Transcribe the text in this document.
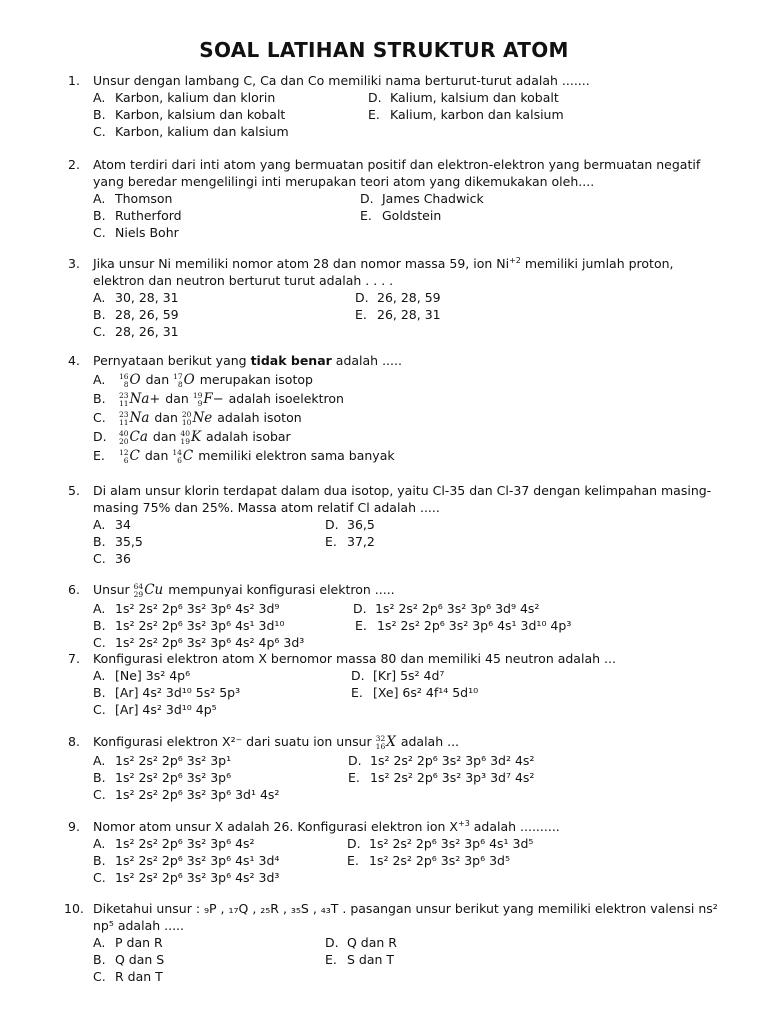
SOAL LATIHAN STRUKTUR ATOM
1. Unsur dengan lambang C, Ca dan Co memiliki nama berturut-turut adalah .......
A. Karbon, kalium dan klorin	D. Kalium, kalsium dan kobalt
B. Karbon, kalsium dan kobalt	E. Kalium, karbon dan kalsium
C. Karbon, kalium dan kalsium
2. Atom terdiri dari inti atom yang bermuatan positif dan elektron-elektron yang bermuatan negatif yang beredar mengelilingi inti merupakan teori atom yang dikemukakan oleh....
A. Thomson	D. James Chadwick
B. Rutherford	E. Goldstein
C. Niels Bohr
3. Jika unsur Ni memiliki nomor atom 28 dan nomor massa 59, ion $Ni^{+2}$ memiliki jumlah proton, elektron dan neutron berturut turut adalah . . . .
A. 30, 28, 31	D. 26, 28, 59
B. 28, 26, 59	E. 26, 28, 31
C. 28, 26, 31
4. Pernyataan berikut yang tidak benar adalah .....
A. 16
8 O dan 17
8 O merupakan isotop
B. 23
11 Na + dan 19
9 F − adalah isoelektron
C. 23
11 Na dan 20
10 Ne adalah isoton
D. 40
20 Ca dan 40
19 K adalah isobar
E. 12
6 C dan 14
6 C memiliki elektron sama banyak
5. Di alam unsur klorin terdapat dalam dua isotop, yaitu Cl-35 dan Cl-37 dengan kelimpahan masing-masing 75% dan 25%. Massa atom relatif Cl adalah .....
A. 34	D. 36,5
B. 35,5	E. 37,2
C. 36
6. Unsur 64
29 Cu mempunyai konfigurasi elektron .....
A. 1s² 2s² 2p⁶ 3s² 3p⁶ 4s² 3d⁹	D. 1s² 2s² 2p⁶ 3s² 3p⁶ 3d⁹ 4s²
B. 1s² 2s² 2p⁶ 3s² 3p⁶ 4s¹ 3d¹⁰	E. 1s² 2s² 2p⁶ 3s² 3p⁶ 4s¹ 3d¹⁰ 4p³
C. 1s² 2s² 2p⁶ 3s² 3p⁶ 4s² 4p⁶ 3d³
7. Konfigurasi elektron atom X bernomor massa 80 dan memiliki 45 neutron adalah ...
A. [Ne] 3s² 4p⁶	D. [Kr] 5s² 4d⁷
B. [Ar] 4s² 3d¹⁰ 5s² 5p³	E. [Xe] 6s² 4f¹⁴ 5d¹⁰
C. [Ar] 4s² 3d¹⁰ 4p⁵
8. Konfigurasi elektron X²⁻ dari suatu ion unsur 32
16 X adalah ...
A. 1s² 2s² 2p⁶ 3s² 3p¹	D. 1s² 2s² 2p⁶ 3s² 3p⁶ 3d² 4s²
B. 1s² 2s² 2p⁶ 3s² 3p⁶	E. 1s² 2s² 2p⁶ 3s² 3p³ 3d⁷ 4s²
C. 1s² 2s² 2p⁶ 3s² 3p⁶ 3d¹ 4s²
9. Nomor atom unsur X adalah 26. Konfigurasi elektron ion $X^{+3}$ adalah ..........
A. 1s² 2s² 2p⁶ 3s² 3p⁶ 4s²	D. 1s² 2s² 2p⁶ 3s² 3p⁶ 4s¹ 3d⁵
B. 1s² 2s² 2p⁶ 3s² 3p⁶ 4s¹ 3d⁴	E. 1s² 2s² 2p⁶ 3s² 3p⁶ 3d⁵
C. 1s² 2s² 2p⁶ 3s² 3p⁶ 4s² 3d³
10. Diketahui unsur : ₉P , ₁₇Q , ₂₅R , ₃₅S , ₄₃T . pasangan unsur berikut yang memiliki elektron valensi ns² np⁵ adalah .....
A. P dan R	D. Q dan R
B. Q dan S	E. S dan T
C. R dan T
